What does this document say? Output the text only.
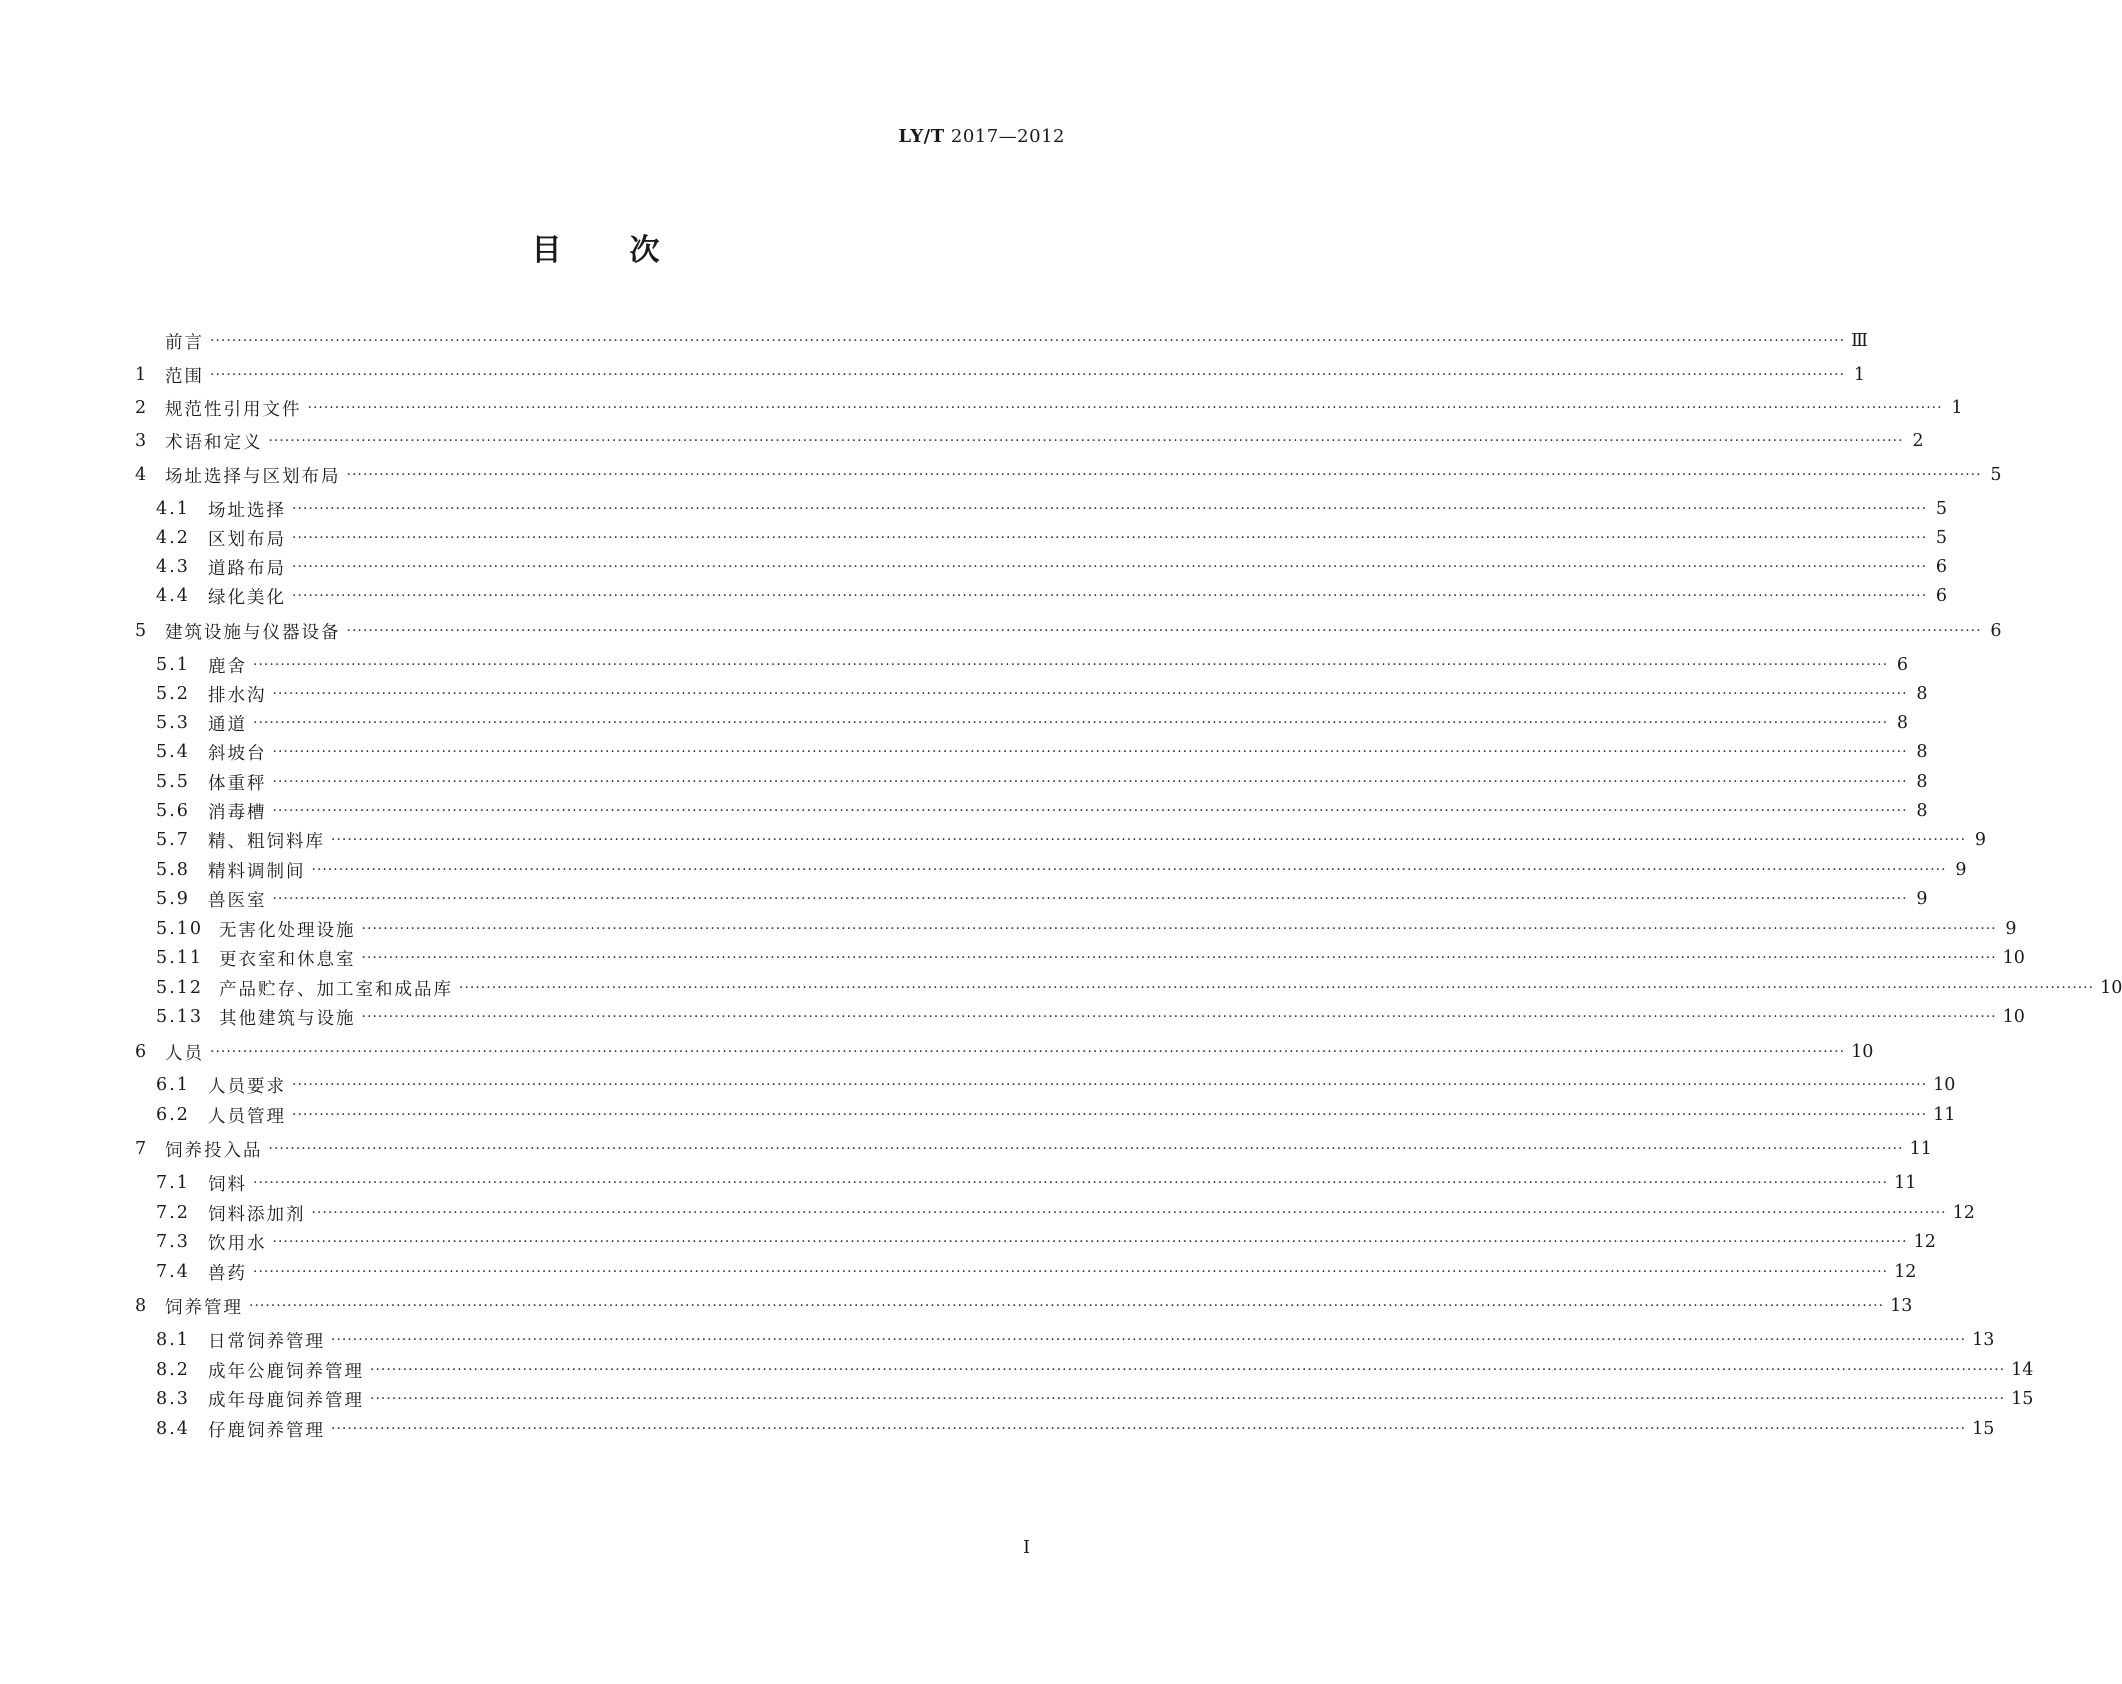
LY/T 2017—2012
目 次
前言 ············································································································································································································································································································ Ⅲ
1	范围 ············································································································································································································································································································ 1
2	规范性引用文件 ············································································································································································································································································································ 1
3	术语和定义 ············································································································································································································································································································ 2
4	场址选择与区划布局 ············································································································································································································································································································ 5
4.1	场址选择 ············································································································································································································································································································ 5
4.2	区划布局 ············································································································································································································································································································ 5
4.3	道路布局 ············································································································································································································································································································ 6
4.4	绿化美化 ············································································································································································································································································································ 6
5	建筑设施与仪器设备 ············································································································································································································································································································ 6
5.1	鹿舍 ············································································································································································································································································································ 6
5.2	排水沟 ············································································································································································································································································································ 8
5.3	通道 ············································································································································································································································································································ 8
5.4	斜坡台 ············································································································································································································································································································ 8
5.5	体重秤 ············································································································································································································································································································ 8
5.6	消毒槽 ············································································································································································································································································································ 8
5.7	精、粗饲料库 ············································································································································································································································································································ 9
5.8	精料调制间 ············································································································································································································································································································ 9
5.9	兽医室 ············································································································································································································································································································ 9
5.10 无害化处理设施 ············································································································································································································································································································ 9
5.11 更衣室和休息室 ············································································································································································································································································································ 10
5.12 产品贮存、加工室和成品库 ············································································································································································································································································································ 10
5.13 其他建筑与设施 ············································································································································································································································································································ 10
6	人员 ············································································································································································································································································································ 10
6.1	人员要求 ············································································································································································································································································································ 10
6.2	人员管理 ············································································································································································································································································································ 11
7	饲养投入品 ············································································································································································································································································································ 11
7.1	饲料 ············································································································································································································································································································ 11
7.2	饲料添加剂 ············································································································································································································································································································ 12
7.3	饮用水 ············································································································································································································································································································ 12
7.4	兽药 ············································································································································································································································································································ 12
8	饲养管理 ············································································································································································································································································································ 13
8.1	日常饲养管理 ············································································································································································································································································································ 13
8.2	成年公鹿饲养管理 ············································································································································································································································································································ 14
8.3	成年母鹿饲养管理 ············································································································································································································································································································ 15
8.4	仔鹿饲养管理 ············································································································································································································································································································ 15
I
